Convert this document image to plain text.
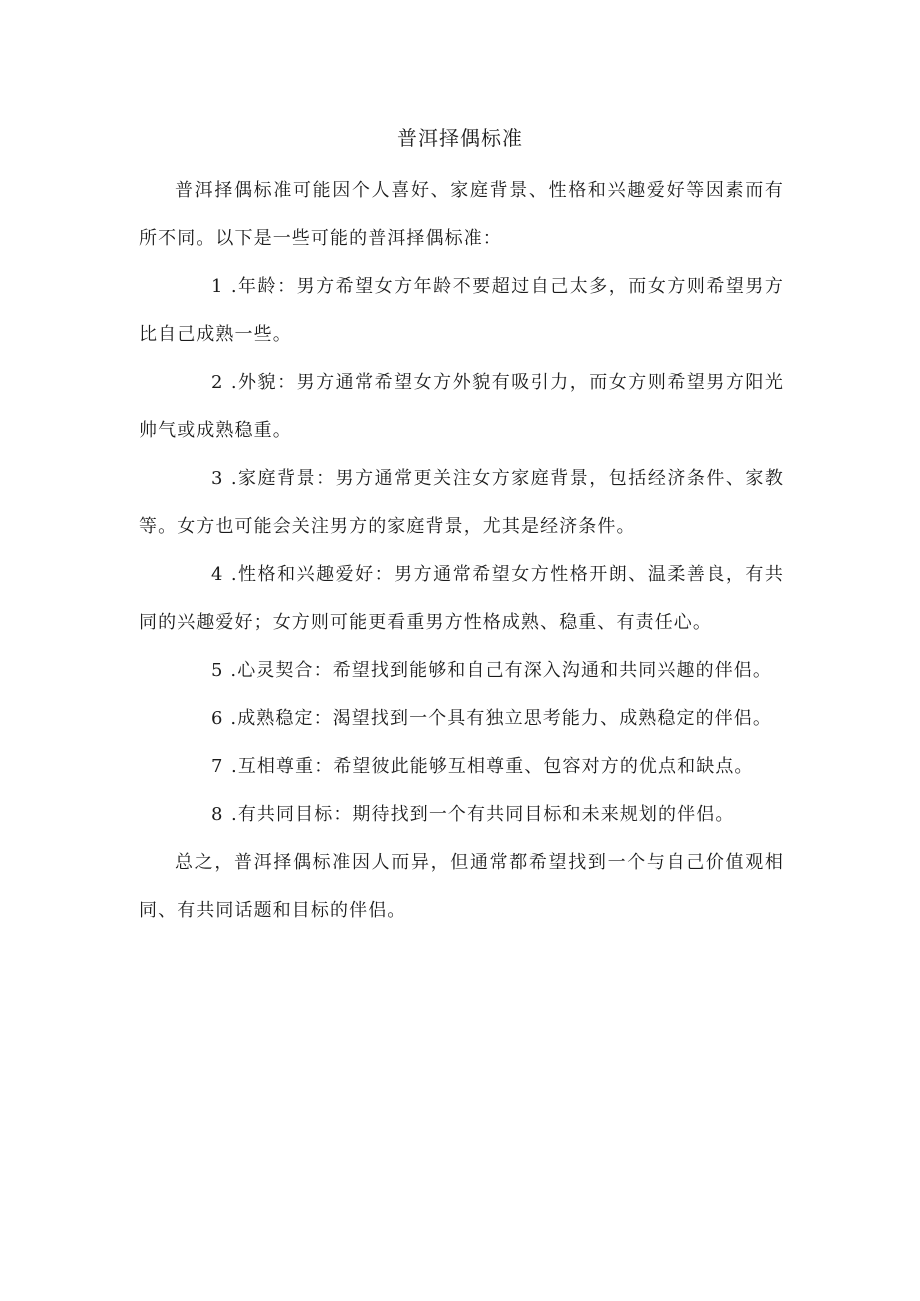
普洱择偶标准

普洱择偶标准可能因个人喜好、家庭背景、性格和兴趣爱好等因素而有所不同。以下是一些可能的普洱择偶标准：

1 .年龄：男方希望女方年龄不要超过自己太多，而女方则希望男方比自己成熟一些。

2 .外貌：男方通常希望女方外貌有吸引力，而女方则希望男方阳光帅气或成熟稳重。

3 .家庭背景：男方通常更关注女方家庭背景，包括经济条件、家教等。女方也可能会关注男方的家庭背景，尤其是经济条件。

4 .性格和兴趣爱好：男方通常希望女方性格开朗、温柔善良，有共同的兴趣爱好；女方则可能更看重男方性格成熟、稳重、有责任心。

5 .心灵契合：希望找到能够和自己有深入沟通和共同兴趣的伴侣。

6 .成熟稳定：渴望找到一个具有独立思考能力、成熟稳定的伴侣。

7 .互相尊重：希望彼此能够互相尊重、包容对方的优点和缺点。

8 .有共同目标：期待找到一个有共同目标和未来规划的伴侣。

总之，普洱择偶标准因人而异，但通常都希望找到一个与自己价值观相同、有共同话题和目标的伴侣。
